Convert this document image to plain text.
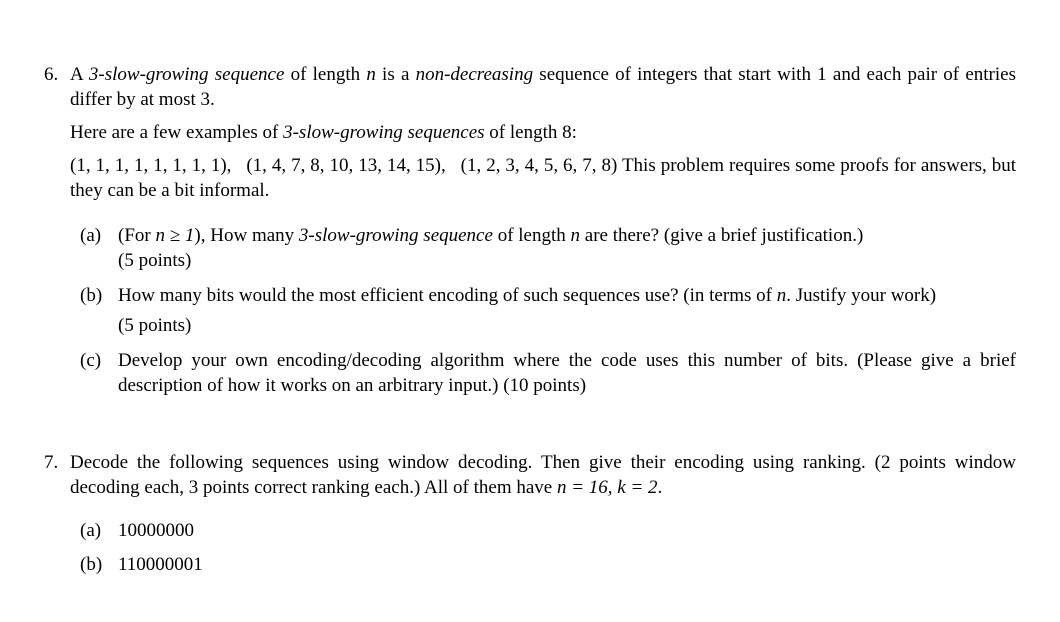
6. A 3-slow-growing sequence of length n is a non-decreasing sequence of integers that start with 1 and each pair of entries differ by at most 3.

Here are a few examples of 3-slow-growing sequences of length 8:

(1, 1, 1, 1, 1, 1, 1, 1), (1, 4, 7, 8, 10, 13, 14, 15), (1, 2, 3, 4, 5, 6, 7, 8) This problem requires some proofs for answers, but they can be a bit informal.

(a) (For n ≥ 1), How many 3-slow-growing sequence of length n are there? (give a brief justification.)
(5 points)
(b) How many bits would the most efficient encoding of such sequences use? (in terms of n. Justify your work)
(5 points)
(c) Develop your own encoding/decoding algorithm where the code uses this number of bits. (Please give a brief description of how it works on an arbitrary input.) (10 points)
7. Decode the following sequences using window decoding. Then give their encoding using ranking. (2 points window decoding each, 3 points correct ranking each.) All of them have n = 16, k = 2.

(a) 10000000
(b) 110000001
